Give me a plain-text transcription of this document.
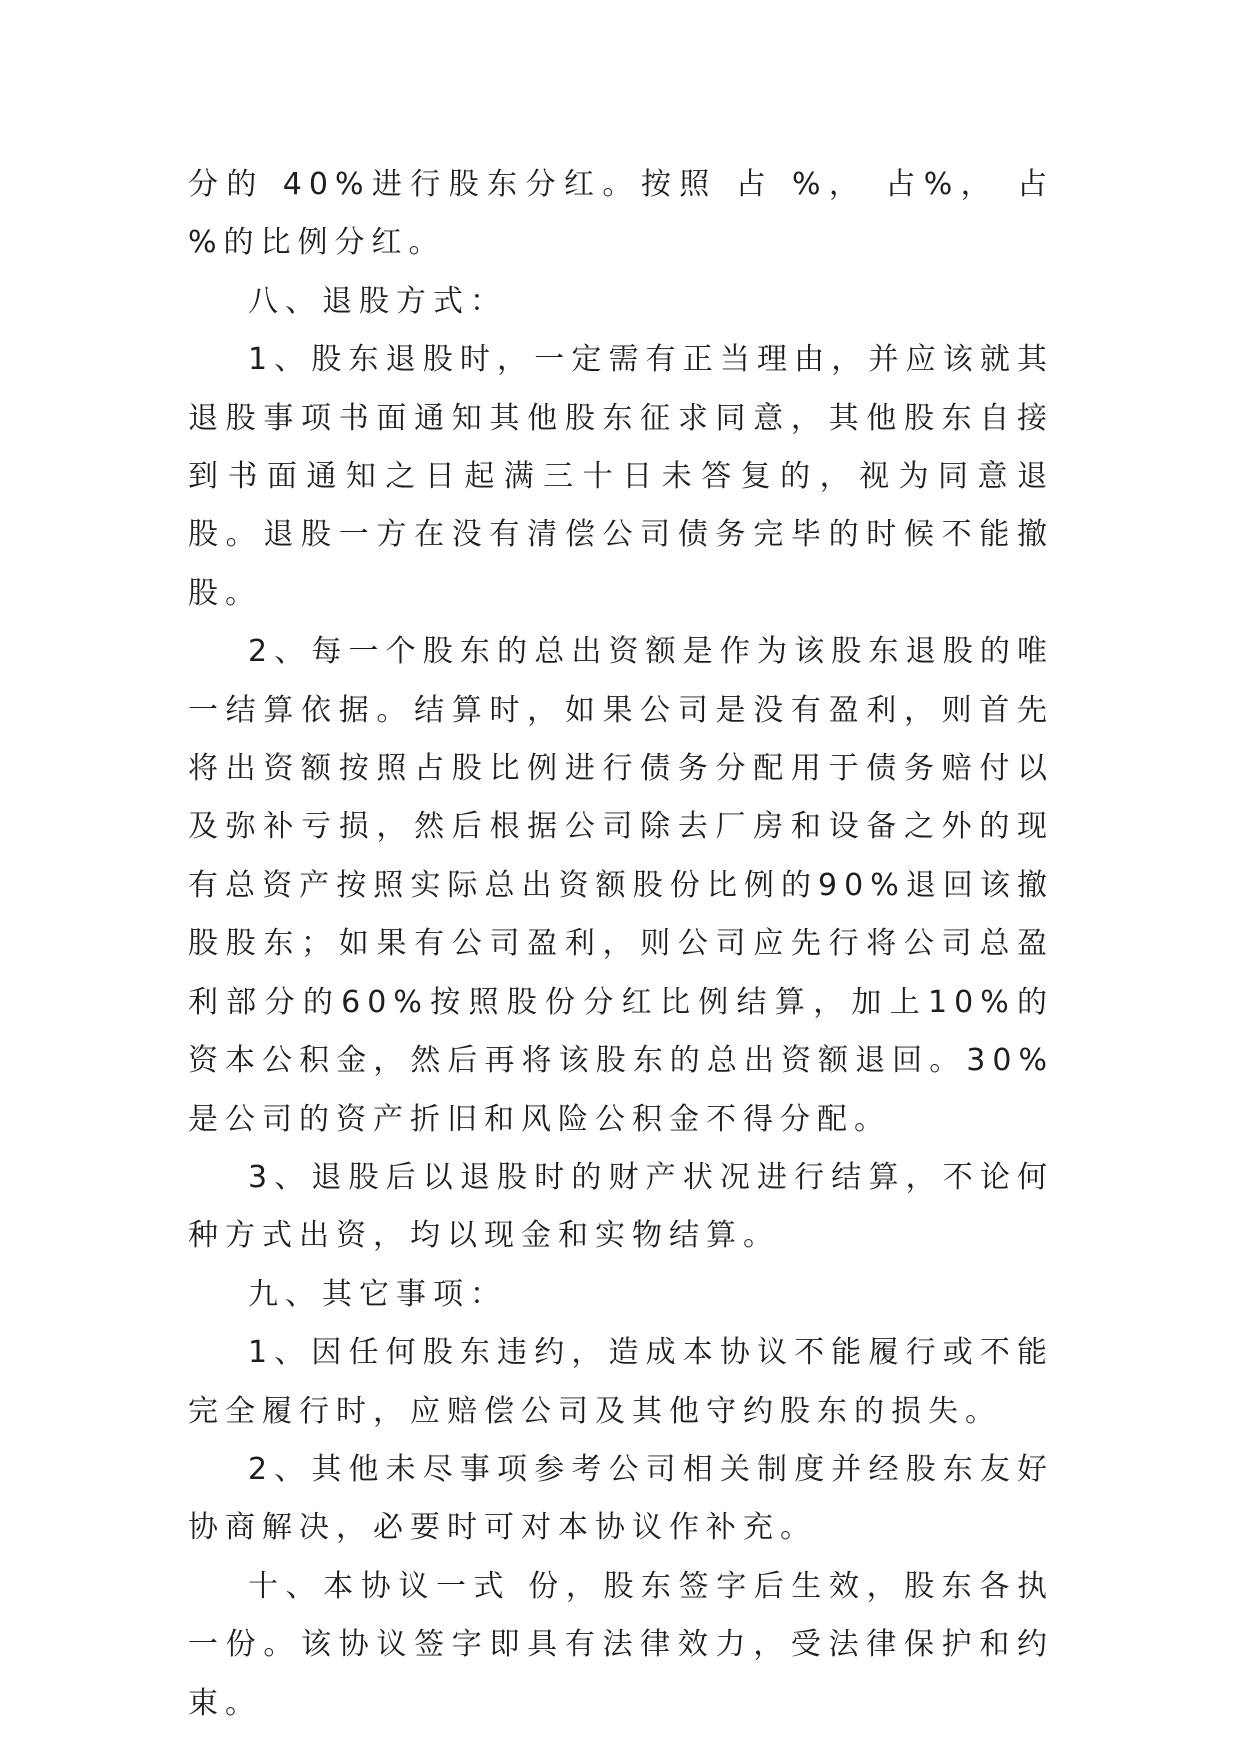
分的 40%进行股东分红。按照 占 %， 占%， 占 %的比例分红。

八、退股方式：

1、股东退股时，一定需有正当理由，并应该就其退股事项书面通知其他股东征求同意，其他股东自接到书面通知之日起满三十日未答复的，视为同意退股。退股一方在没有清偿公司债务完毕的时候不能撤股。

2、每一个股东的总出资额是作为该股东退股的唯一结算依据。结算时，如果公司是没有盈利，则首先将出资额按照占股比例进行债务分配用于债务赔付以及弥补亏损，然后根据公司除去厂房和设备之外的现有总资产按照实际总出资额股份比例的90%退回该撤股股东；如果有公司盈利，则公司应先行将公司总盈利部分的60%按照股份分红比例结算，加上10%的资本公积金，然后再将该股东的总出资额退回。30%是公司的资产折旧和风险公积金不得分配。

3、退股后以退股时的财产状况进行结算，不论何种方式出资，均以现金和实物结算。

九、其它事项：

1、因任何股东违约，造成本协议不能履行或不能完全履行时，应赔偿公司及其他守约股东的损失。

2、其他未尽事项参考公司相关制度并经股东友好协商解决，必要时可对本协议作补充。

十、本协议一式 份，股东签字后生效，股东各执一份。该协议签字即具有法律效力，受法律保护和约束。
